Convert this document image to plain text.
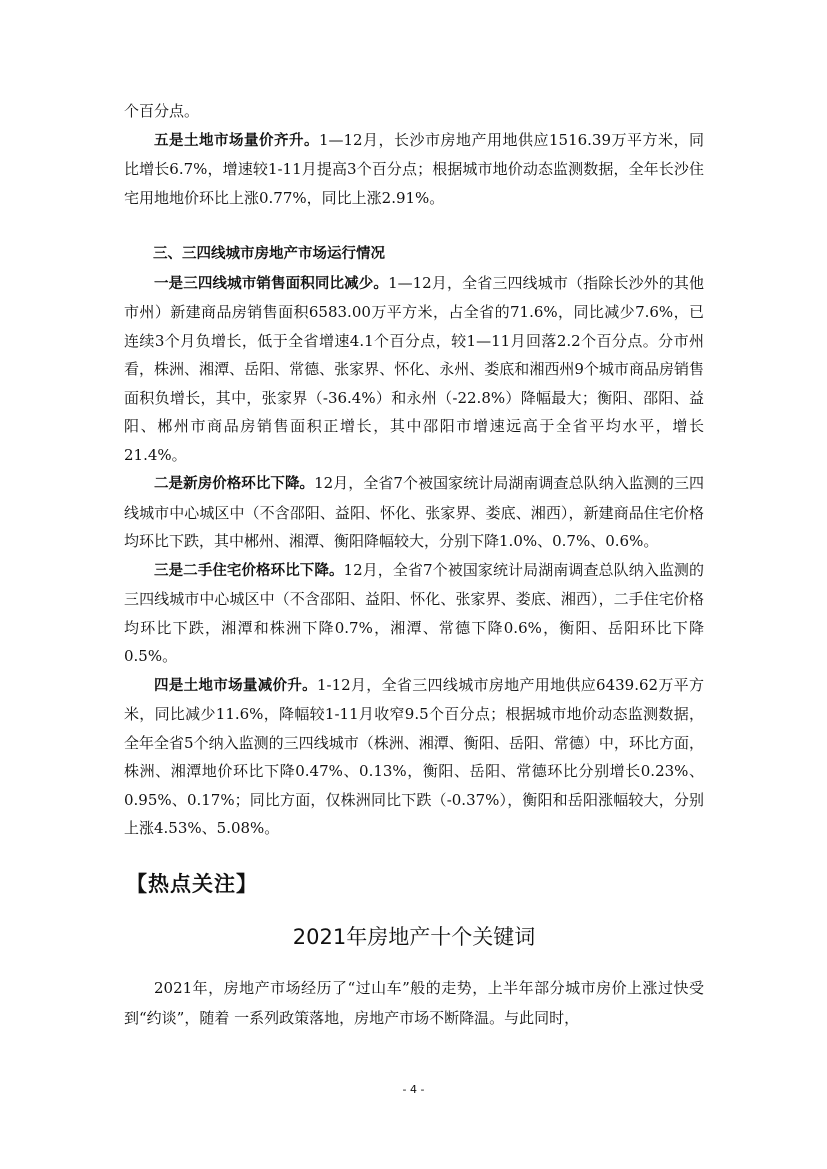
个百分点。

五是土地市场量价齐升。1—12月，长沙市房地产用地供应1516.39万平方米，同比增长6.7%，增速较1-11月提高3个百分点；根据城市地价动态监测数据，全年长沙住宅用地地价环比上涨0.77%，同比上涨2.91%。

三、三四线城市房地产市场运行情况

一是三四线城市销售面积同比减少。1—12月，全省三四线城市（指除长沙外的其他市州）新建商品房销售面积6583.00万平方米，占全省的71.6%，同比减少7.6%，已连续3个月负增长，低于全省增速4.1个百分点，较1—11月回落2.2个百分点。分市州看，株洲、湘潭、岳阳、常德、张家界、怀化、永州、娄底和湘西州9个城市商品房销售面积负增长，其中，张家界（-36.4%）和永州（-22.8%）降幅最大；衡阳、邵阳、益阳、郴州市商品房销售面积正增长，其中邵阳市增速远高于全省平均水平，增长21.4%。

二是新房价格环比下降。12月，全省7个被国家统计局湖南调查总队纳入监测的三四线城市中心城区中（不含邵阳、益阳、怀化、张家界、娄底、湘西），新建商品住宅价格均环比下跌，其中郴州、湘潭、衡阳降幅较大，分别下降1.0%、0.7%、0.6%。

三是二手住宅价格环比下降。12月，全省7个被国家统计局湖南调查总队纳入监测的三四线城市中心城区中（不含邵阳、益阳、怀化、张家界、娄底、湘西），二手住宅价格均环比下跌，湘潭和株洲下降0.7%，湘潭、常德下降0.6%，衡阳、岳阳环比下降0.5%。

四是土地市场量减价升。1-12月，全省三四线城市房地产用地供应6439.62万平方米，同比减少11.6%，降幅较1-11月收窄9.5个百分点；根据城市地价动态监测数据，全年全省5个纳入监测的三四线城市（株洲、湘潭、衡阳、岳阳、常德）中，环比方面，株洲、湘潭地价环比下降0.47%、0.13%，衡阳、岳阳、常德环比分别增长0.23%、0.95%、0.17%；同比方面，仅株洲同比下跌（-0.37%），衡阳和岳阳涨幅较大，分别上涨4.53%、5.08%。

【热点关注】
2021年房地产十个关键词

2021年，房地产市场经历了“过山车”般的走势，上半年部分城市房价上涨过快受到“约谈”，随着 一系列政策落地，房地产市场不断降温。与此同时，

- 4 -
